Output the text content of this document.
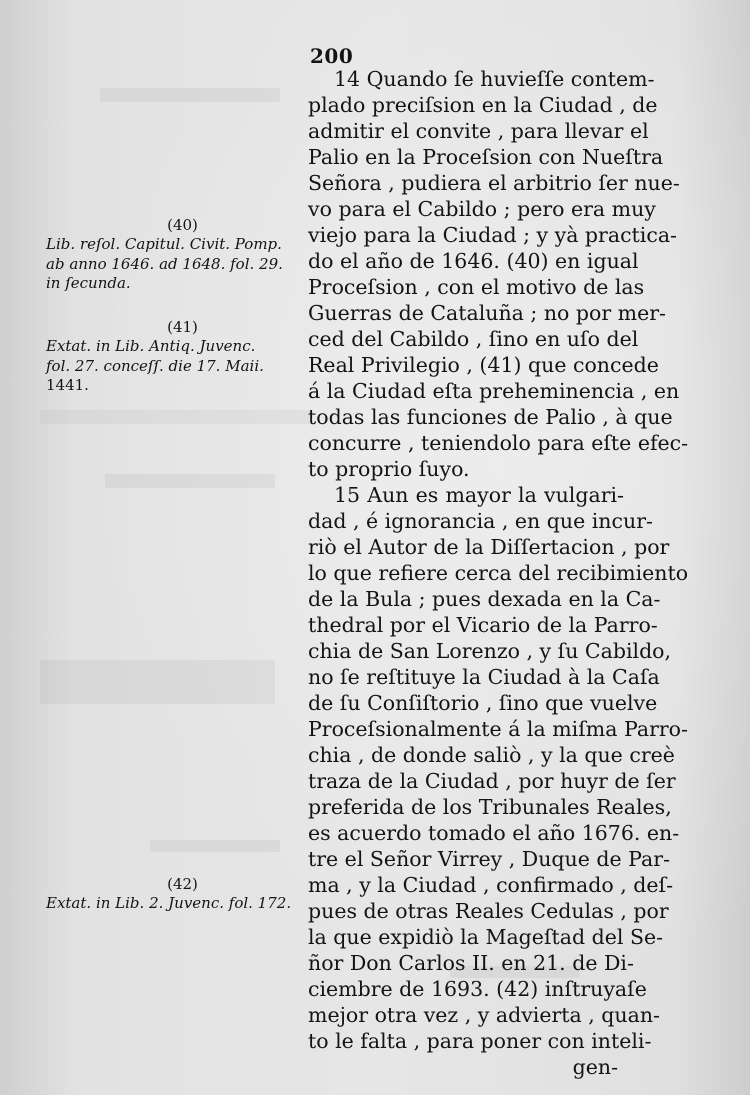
200
14 Quando ſe huvieſſe contem-
plado preciſsion en la Ciudad , de
admitir el convite , para llevar el
Palio en la Proceſsion con Nueſtra
Señora , pudiera el arbitrio ſer nue-
vo para el Cabildo ; pero era muy
viejo para la Ciudad ; y yà practica-
do el año de 1646. (40) en igual
Proceſsion , con el motivo de las
Guerras de Cataluña ; no por mer-
ced del Cabildo , ſino en uſo del
Real Privilegio , (41) que concede
á la Ciudad eſta preheminencia , en
todas las funciones de Palio , à que
concurre , teniendolo para eſte efec-
to proprio ſuyo.
15 Aun es mayor la vulgari-
dad , é ignorancia , en que incur-
riò el Autor de la Diſſertacion , por
lo que refiere cerca del recibimiento
de la Bula ; pues dexada en la Ca-
thedral por el Vicario de la Parro-
chia de San Lorenzo , y ſu Cabildo,
no ſe reſtituye la Ciudad à la Caſa
de ſu Conſiſtorio , ſino que vuelve
Proceſsionalmente á la miſma Parro-
chia , de donde saliò , y la que creè
traza de la Ciudad , por huyr de ſer
preferida de los Tribunales Reales,
es acuerdo tomado el año 1676. en-
tre el Señor Virrey , Duque de Par-
ma , y la Ciudad , confirmado , deſ-
pues de otras Reales Cedulas , por
la que expidiò la Mageſtad del Se-
ñor Don Carlos II. en 21. de Di-
ciembre de 1693. (42) inſtruyaſe
mejor otra vez , y advierta , quan-
to le falta , para poner con inteli-
gen-
(40)
Lib. reſol. Capitul. Civit. Pomp.
ab anno 1646. ad 1648. fol. 29.
in ſecunda.
(41)
Extat. in Lib. Antiq. Juvenc.
fol. 27. conceſſ. die 17. Maii.
1441.
(42)
Extat. in Lib. 2. Juvenc. fol. 172.
